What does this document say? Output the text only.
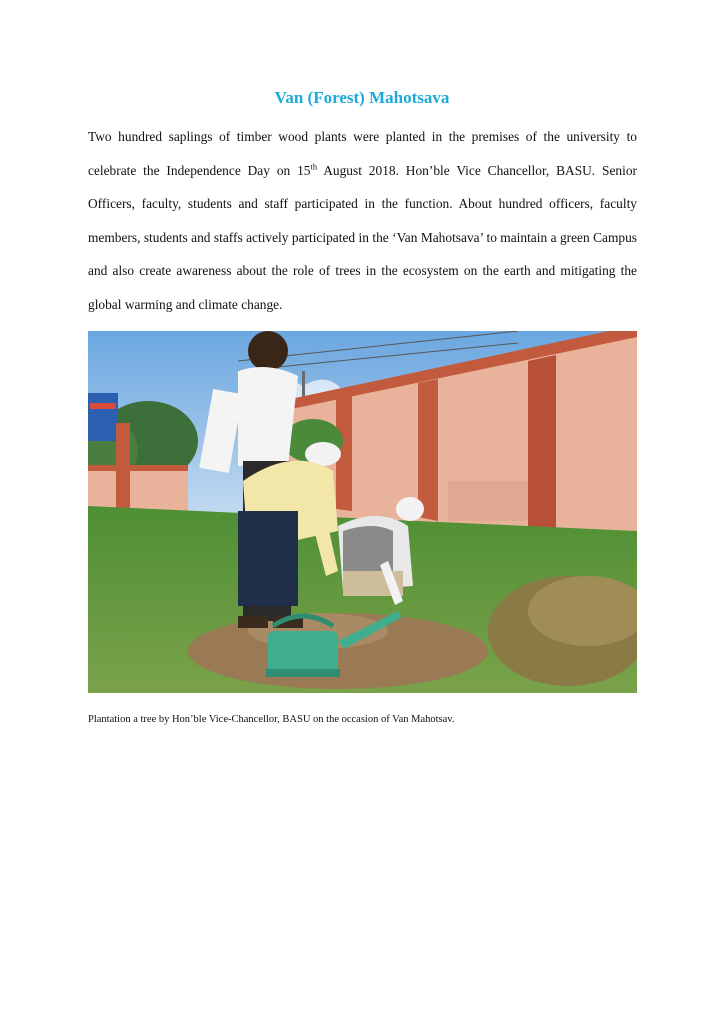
Van (Forest) Mahotsava

Two hundred saplings of timber wood plants were planted in the premises of the university to celebrate the Independence Day on 15th August 2018. Hon’ble Vice Chancellor, BASU. Senior Officers, faculty, students and staff participated in the function. About hundred officers, faculty members, students and staffs actively participated in the ‘Van Mahotsava’ to maintain a green Campus and also create awareness about the role of trees in the ecosystem on the earth and mitigating the global warming and climate change.

Plantation a tree by Hon’ble Vice-Chancellor, BASU on the occasion of Van Mahotsav.
